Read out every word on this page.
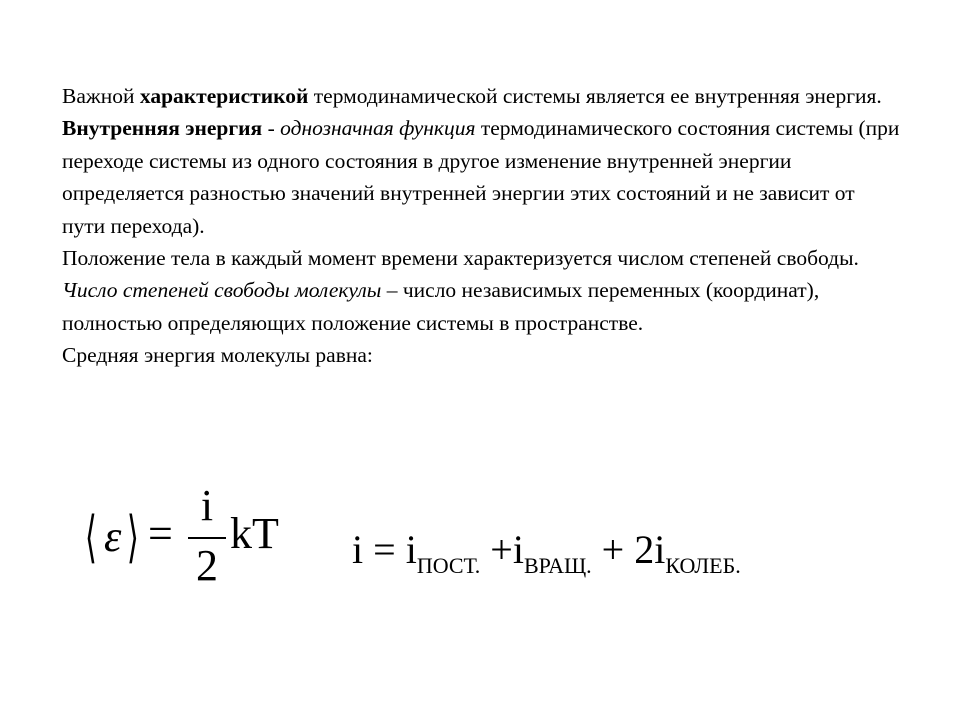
Важной характеристикой термодинамической системы является ее внутренняя энергия.

Внутренняя энергия - однозначная функция термодинамического состояния системы (при переходе системы из одного состояния в другое изменение внутренней энергии определяется разностью значений внутренней энергии этих состояний и не зависит от пути перехода).

Положение тела в каждый момент времени характеризуется числом степеней свободы.

Число степеней свободы молекулы – число независимых переменных (координат), полностью определяющих положение системы в пространстве.

Средняя энергия молекулы равна:

⟨ ε ⟩ =
i
2
kT i = iПОСТ. +iВРАЩ. + 2iКОЛЕБ.
